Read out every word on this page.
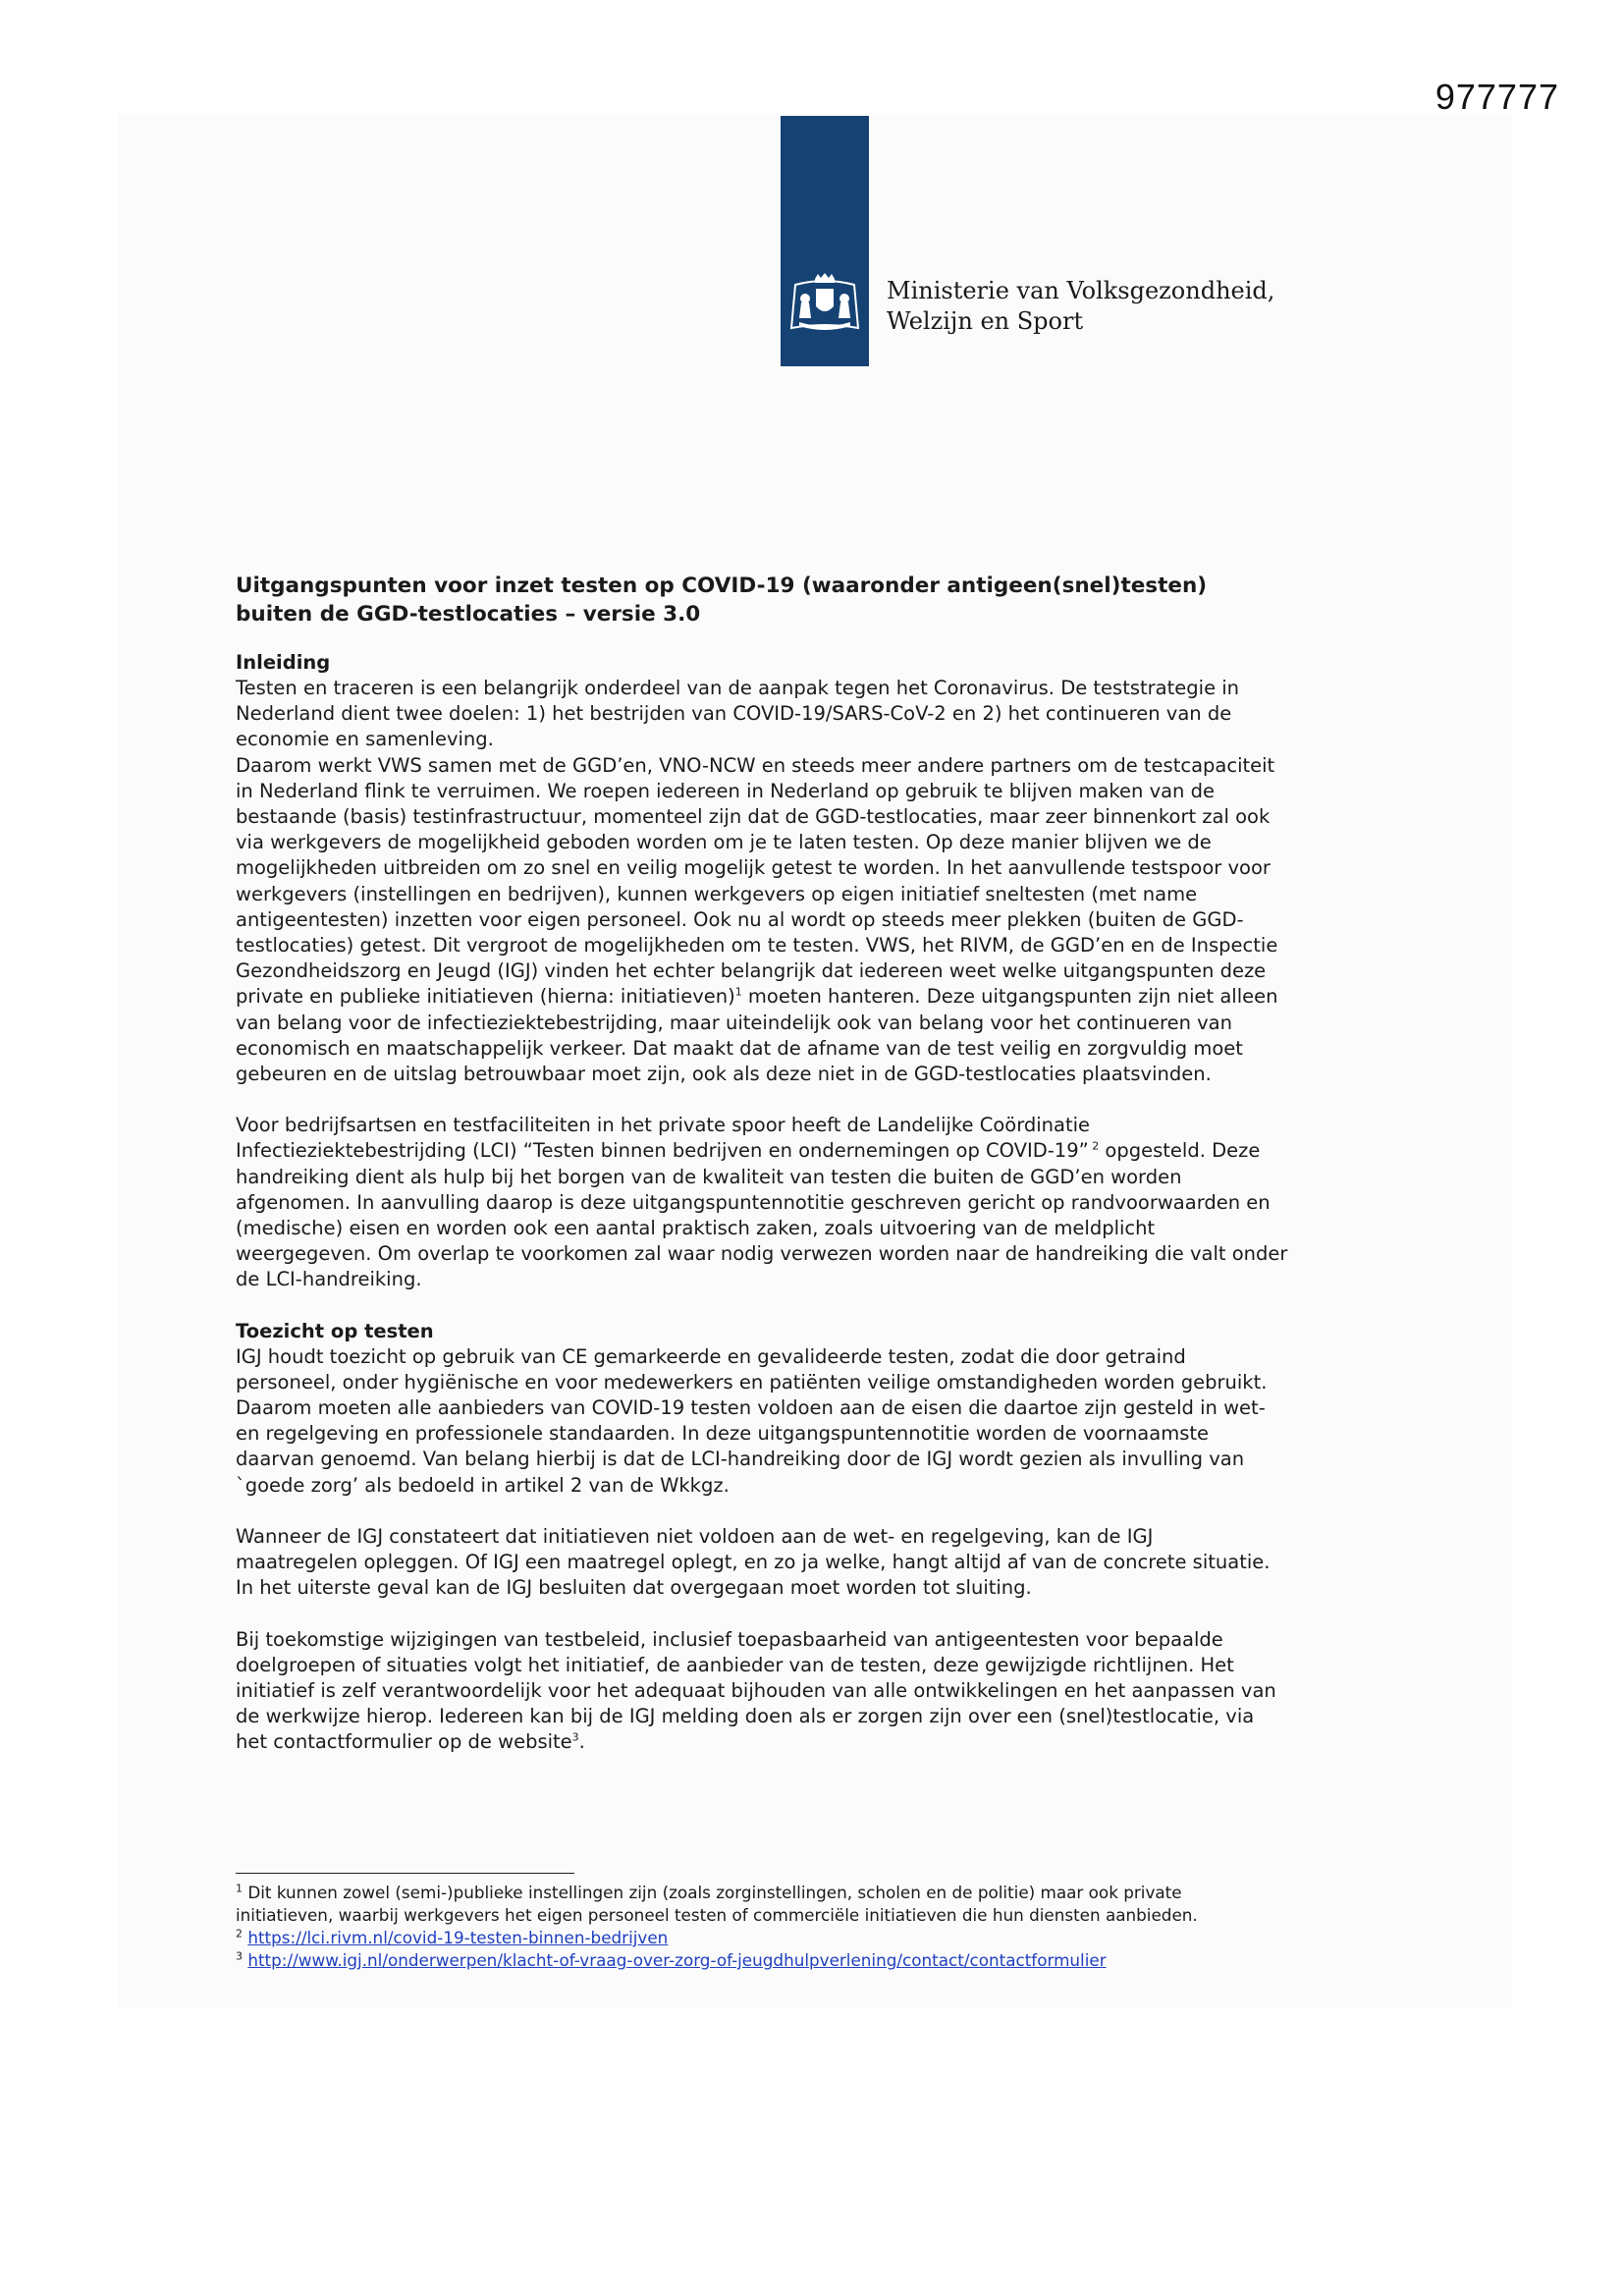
977777
Ministerie van Volksgezondheid,
Welzijn en Sport
Uitgangspunten voor inzet testen op COVID-19 (waaronder antigeen(snel)testen)
buiten de GGD-testlocaties – versie 3.0
Inleiding

Testen en traceren is een belangrijk onderdeel van de aanpak tegen het Coronavirus. De teststrategie in
Nederland dient twee doelen: 1) het bestrijden van COVID-19/SARS-CoV-2 en 2) het continueren van de
economie en samenleving.
Daarom werkt VWS samen met de GGD’en, VNO-NCW en steeds meer andere partners om de testcapaciteit
in Nederland flink te verruimen. We roepen iedereen in Nederland op gebruik te blijven maken van de
bestaande (basis) testinfrastructuur, momenteel zijn dat de GGD-testlocaties, maar zeer binnenkort zal ook
via werkgevers de mogelijkheid geboden worden om je te laten testen. Op deze manier blijven we de
mogelijkheden uitbreiden om zo snel en veilig mogelijk getest te worden. In het aanvullende testspoor voor
werkgevers (instellingen en bedrijven), kunnen werkgevers op eigen initiatief sneltesten (met name
antigeentesten) inzetten voor eigen personeel. Ook nu al wordt op steeds meer plekken (buiten de GGD-
testlocaties) getest. Dit vergroot de mogelijkheden om te testen. VWS, het RIVM, de GGD’en en de Inspectie
Gezondheidszorg en Jeugd (IGJ) vinden het echter belangrijk dat iedereen weet welke uitgangspunten deze
private en publieke initiatieven (hierna: initiatieven)$^1$ moeten hanteren. Deze uitgangspunten zijn niet alleen
van belang voor de infectieziektebestrijding, maar uiteindelijk ook van belang voor het continueren van
economisch en maatschappelijk verkeer. Dat maakt dat de afname van de test veilig en zorgvuldig moet
gebeuren en de uitslag betrouwbaar moet zijn, ook als deze niet in de GGD-testlocaties plaatsvinden.

Voor bedrijfsartsen en testfaciliteiten in het private spoor heeft de Landelijke Coördinatie
Infectieziektebestrijding (LCI) “Testen binnen bedrijven en ondernemingen op COVID-19” $^2$ opgesteld. Deze
handreiking dient als hulp bij het borgen van de kwaliteit van testen die buiten de GGD’en worden
afgenomen. In aanvulling daarop is deze uitgangspuntennotitie geschreven gericht op randvoorwaarden en
(medische) eisen en worden ook een aantal praktisch zaken, zoals uitvoering van de meldplicht
weergegeven. Om overlap te voorkomen zal waar nodig verwezen worden naar de handreiking die valt onder
de LCI-handreiking.

Toezicht op testen

IGJ houdt toezicht op gebruik van CE gemarkeerde en gevalideerde testen, zodat die door getraind
personeel, onder hygiënische en voor medewerkers en patiënten veilige omstandigheden worden gebruikt.
Daarom moeten alle aanbieders van COVID-19 testen voldoen aan de eisen die daartoe zijn gesteld in wet-
en regelgeving en professionele standaarden. In deze uitgangspuntennotitie worden de voornaamste
daarvan genoemd. Van belang hierbij is dat de LCI-handreiking door de IGJ wordt gezien als invulling van
`goede zorg’ als bedoeld in artikel 2 van de Wkkgz.

Wanneer de IGJ constateert dat initiatieven niet voldoen aan de wet- en regelgeving, kan de IGJ
maatregelen opleggen. Of IGJ een maatregel oplegt, en zo ja welke, hangt altijd af van de concrete situatie.
In het uiterste geval kan de IGJ besluiten dat overgegaan moet worden tot sluiting.

Bij toekomstige wijzigingen van testbeleid, inclusief toepasbaarheid van antigeentesten voor bepaalde
doelgroepen of situaties volgt het initiatief, de aanbieder van de testen, deze gewijzigde richtlijnen. Het
initiatief is zelf verantwoordelijk voor het adequaat bijhouden van alle ontwikkelingen en het aanpassen van
de werkwijze hierop. Iedereen kan bij de IGJ melding doen als er zorgen zijn over een (snel)testlocatie, via
het contactformulier op de website$^3$.

$^1$ Dit kunnen zowel (semi-)publieke instellingen zijn (zoals zorginstellingen, scholen en de politie) maar ook private
initiatieven, waarbij werkgevers het eigen personeel testen of commerciële initiatieven die hun diensten aanbieden.

$^2$ https://lci.rivm.nl/covid-19-testen-binnen-bedrijven

$^3$ http://www.igj.nl/onderwerpen/klacht-of-vraag-over-zorg-of-jeugdhulpverlening/contact/contactformulier
